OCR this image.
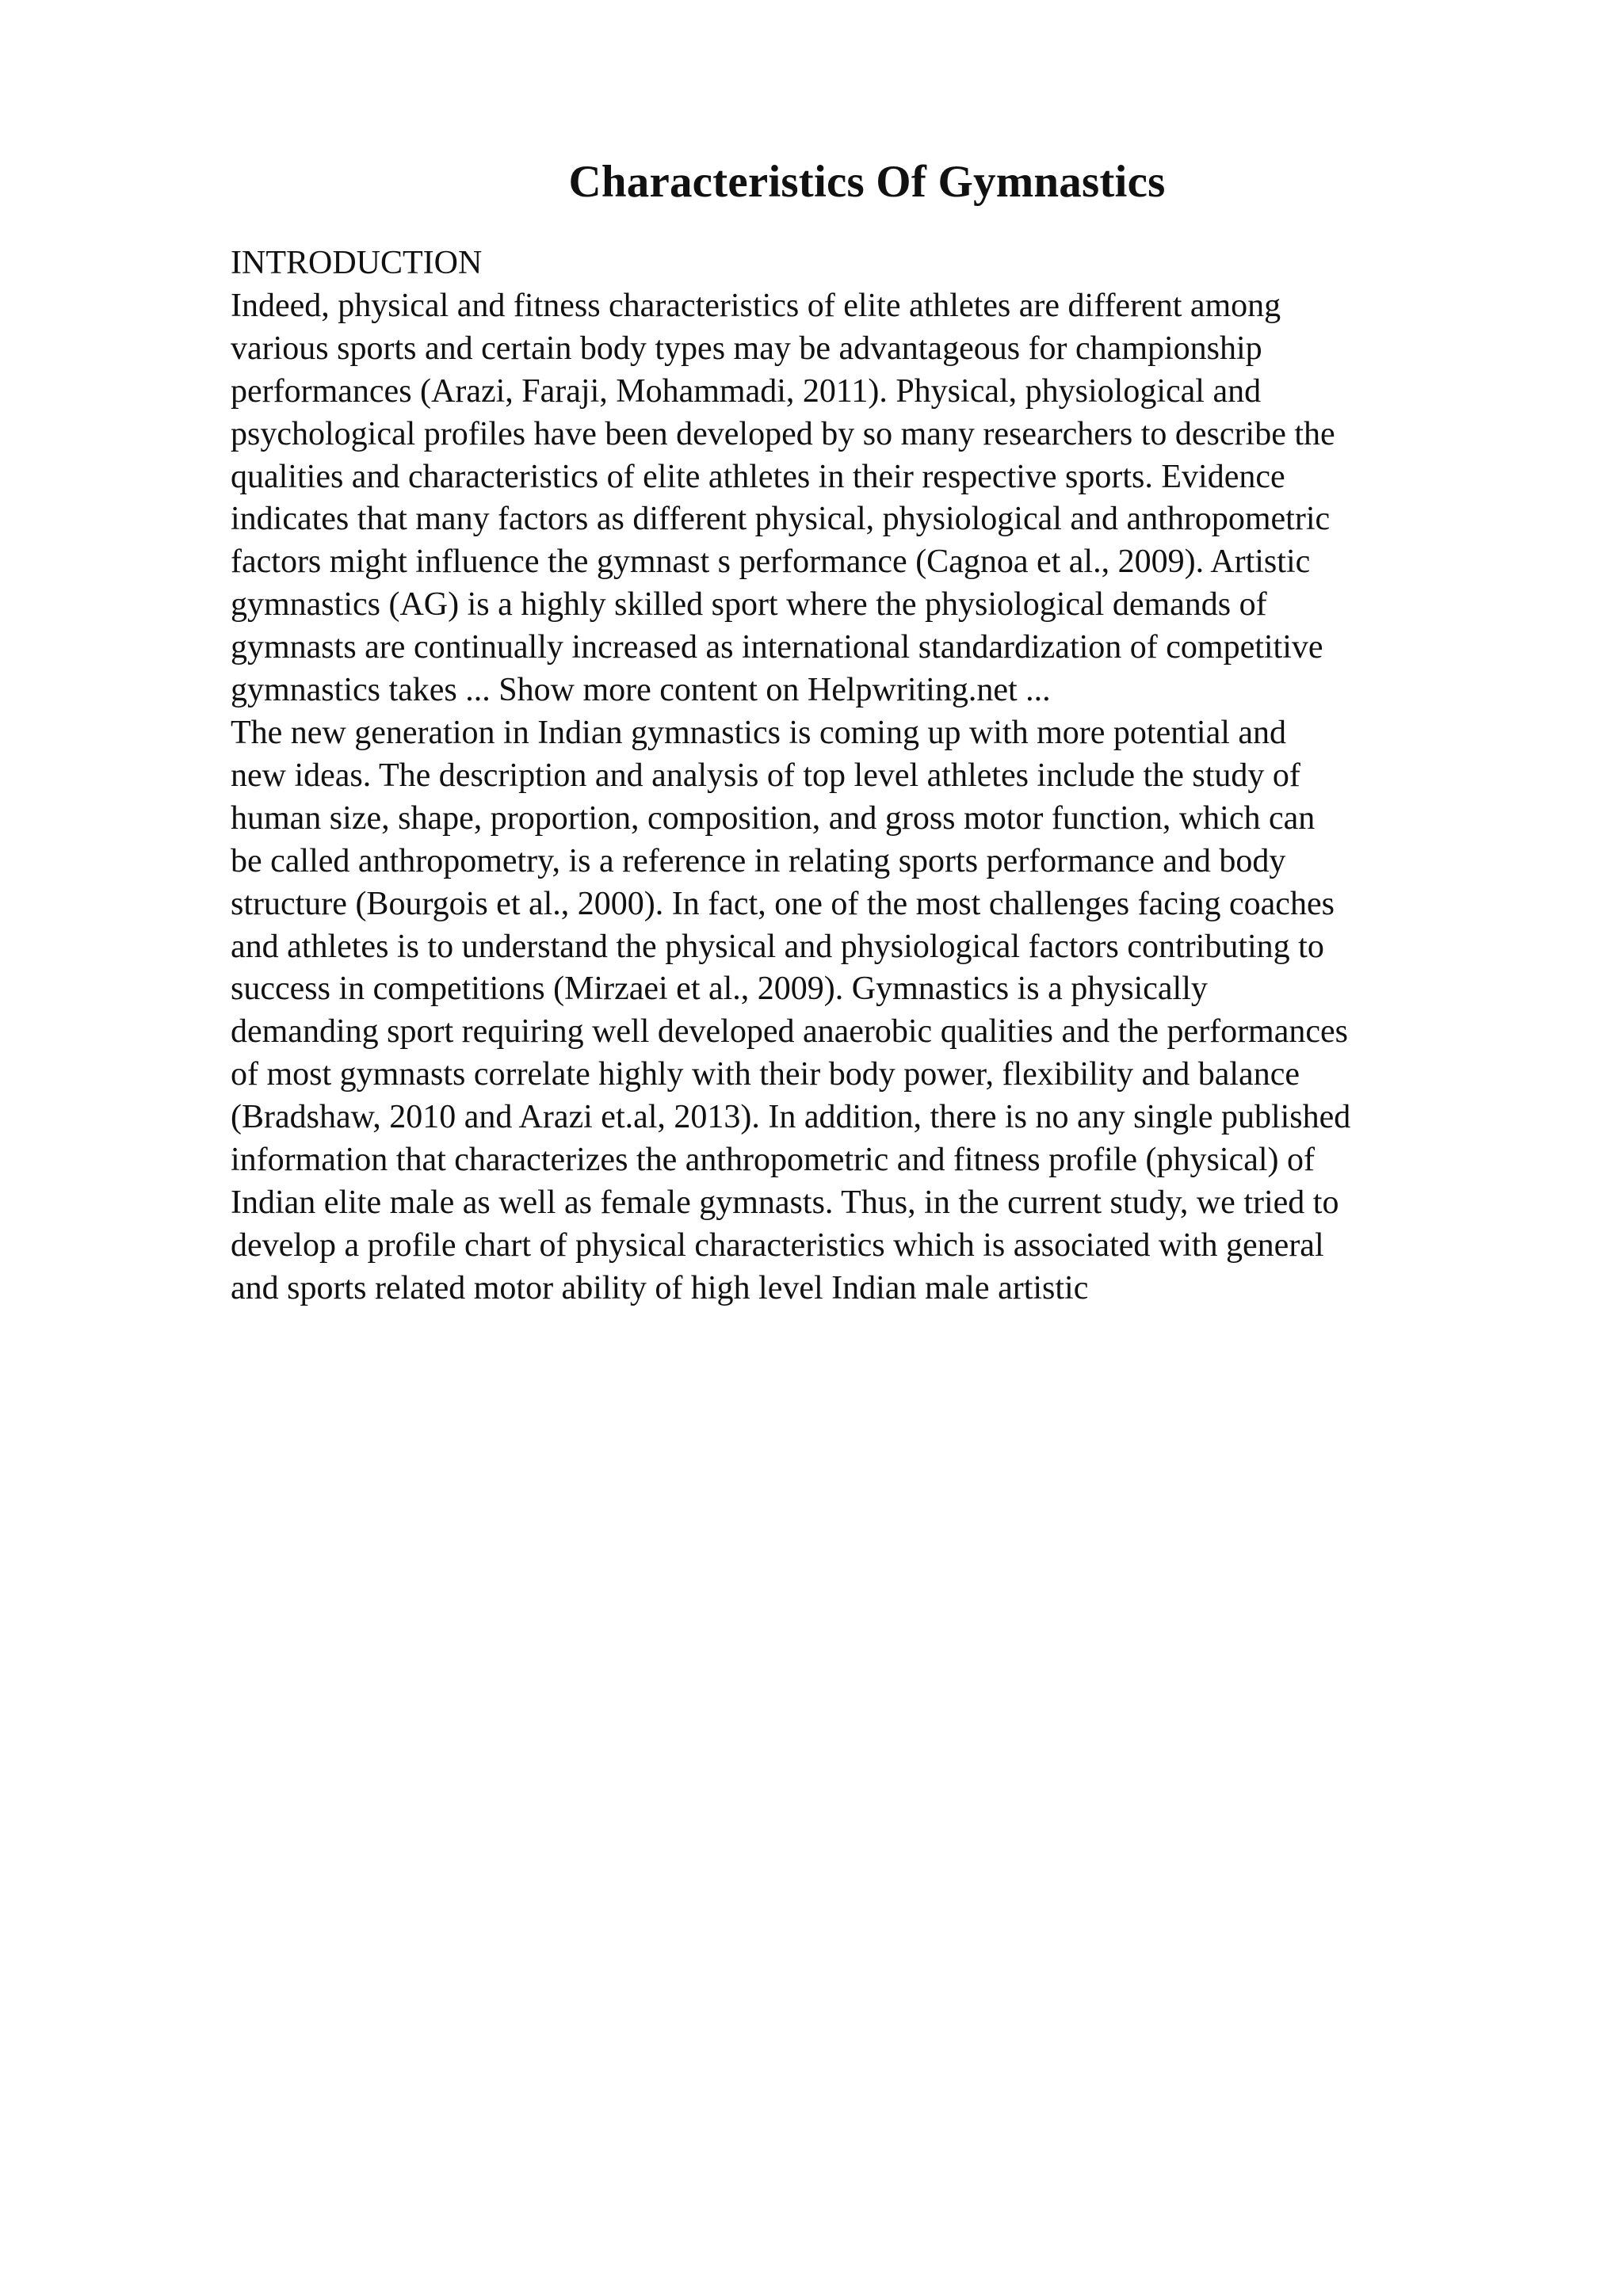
Characteristics Of Gymnastics
INTRODUCTION
Indeed, physical and fitness characteristics of elite athletes are different among
various sports and certain body types may be advantageous for championship
performances (Arazi, Faraji, Mohammadi, 2011). Physical, physiological and
psychological profiles have been developed by so many researchers to describe the
qualities and characteristics of elite athletes in their respective sports. Evidence
indicates that many factors as different physical, physiological and anthropometric
factors might influence the gymnast s performance (Cagnoa et al., 2009). Artistic
gymnastics (AG) is a highly skilled sport where the physiological demands of
gymnasts are continually increased as international standardization of competitive
gymnastics takes ... Show more content on Helpwriting.net ...
The new generation in Indian gymnastics is coming up with more potential and
new ideas. The description and analysis of top level athletes include the study of
human size, shape, proportion, composition, and gross motor function, which can
be called anthropometry, is a reference in relating sports performance and body
structure (Bourgois et al., 2000). In fact, one of the most challenges facing coaches
and athletes is to understand the physical and physiological factors contributing to
success in competitions (Mirzaei et al., 2009). Gymnastics is a physically
demanding sport requiring well developed anaerobic qualities and the performances
of most gymnasts correlate highly with their body power, flexibility and balance
(Bradshaw, 2010 and Arazi et.al, 2013). In addition, there is no any single published
information that characterizes the anthropometric and fitness profile (physical) of
Indian elite male as well as female gymnasts. Thus, in the current study, we tried to
develop a profile chart of physical characteristics which is associated with general
and sports related motor ability of high level Indian male artistic
